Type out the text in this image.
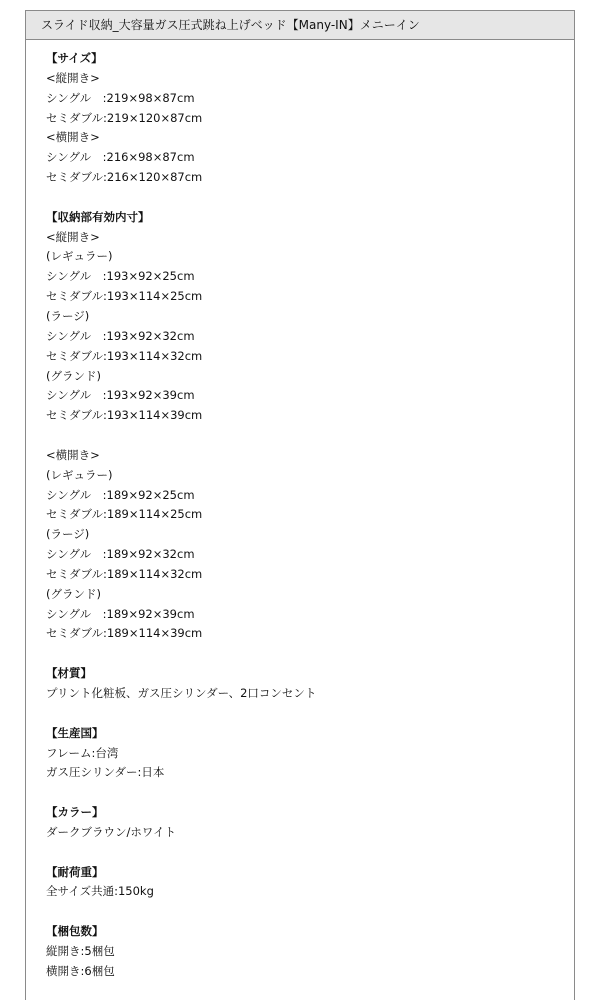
スライド収納_大容量ガス圧式跳ね上げベッド【Many-IN】メニーイン
【サイズ】
<縦開き>
シングル　:219×98×87cm
セミダブル:219×120×87cm
<横開き>
シングル　:216×98×87cm
セミダブル:216×120×87cm
【収納部有効内寸】
<縦開き>
(レギュラー)
シングル　:193×92×25cm
セミダブル:193×114×25cm
(ラージ)
シングル　:193×92×32cm
セミダブル:193×114×32cm
(グランド)
シングル　:193×92×39cm
セミダブル:193×114×39cm
<横開き>
(レギュラー)
シングル　:189×92×25cm
セミダブル:189×114×25cm
(ラージ)
シングル　:189×92×32cm
セミダブル:189×114×32cm
(グランド)
シングル　:189×92×39cm
セミダブル:189×114×39cm
【材質】
プリント化粧板、ガス圧シリンダー、2口コンセント
【生産国】
フレーム:台湾
ガス圧シリンダー:日本
【カラー】
ダークブラウン/ホワイト
【耐荷重】
全サイズ共通:150kg
【梱包数】
縦開き:5梱包
横開き:6梱包
